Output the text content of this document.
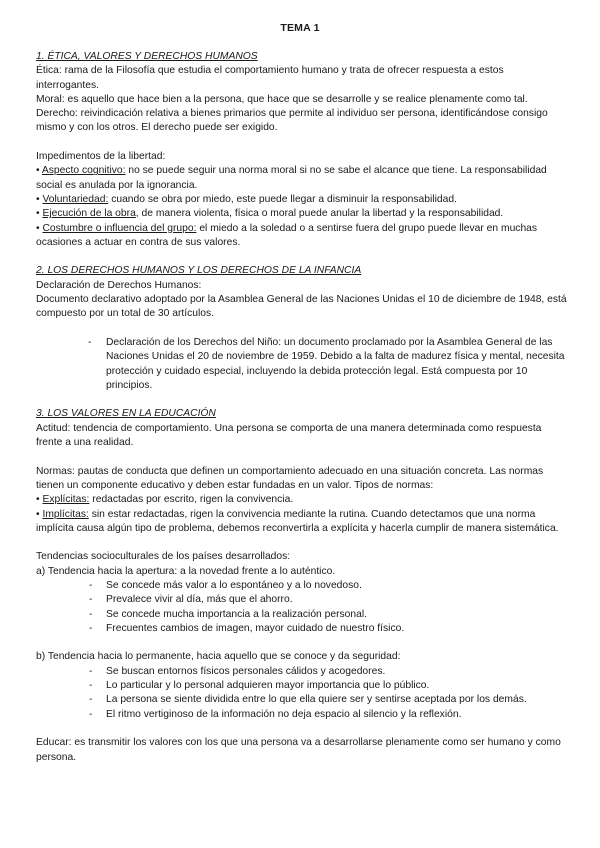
TEMA 1

1. ÉTICA, VALORES Y DERECHOS HUMANOS

Ética: rama de la Filosofía que estudia el comportamiento humano y trata de ofrecer respuesta a estos interrogantes.

Moral: es aquello que hace bien a la persona, que hace que se desarrolle y se realice plenamente como tal.

Derecho: reivindicación relativa a bienes primarios que permite al individuo ser persona, identificándose consigo mismo y con los otros. El derecho puede ser exigido.

Impedimentos de la libertad:

• Aspecto cognitivo: no se puede seguir una norma moral si no se sabe el alcance que tiene. La responsabilidad social es anulada por la ignorancia.

• Voluntariedad: cuando se obra por miedo, este puede llegar a disminuir la responsabilidad.

• Ejecución de la obra, de manera violenta, física o moral puede anular la libertad y la responsabilidad.

• Costumbre o influencia del grupo: el miedo a la soledad o a sentirse fuera del grupo puede llevar en muchas ocasiones a actuar en contra de sus valores.

2. LOS DERECHOS HUMANOS Y LOS DERECHOS DE LA INFANCIA

Declaración de Derechos Humanos:

Documento declarativo adoptado por la Asamblea General de las Naciones Unidas el 10 de diciembre de 1948, está compuesto por un total de 30 artículos.

- Declaración de los Derechos del Niño: un documento proclamado por la Asamblea General de las Naciones Unidas el 20 de noviembre de 1959. Debido a la falta de madurez física y mental, necesita protección y cuidado especial, incluyendo la debida protección legal. Está compuesta por 10 principios.

3. LOS VALORES EN LA EDUCACIÓN

Actitud: tendencia de comportamiento. Una persona se comporta de una manera determinada como respuesta frente a una realidad.

Normas: pautas de conducta que definen un comportamiento adecuado en una situación concreta. Las normas tienen un componente educativo y deben estar fundadas en un valor. Tipos de normas:

• Explícitas: redactadas por escrito, rigen la convivencia.

• Implícitas: sin estar redactadas, rigen la convivencia mediante la rutina. Cuando detectamos que una norma implícita causa algún tipo de problema, debemos reconvertirla a explícita y hacerla cumplir de manera sistemática.

Tendencias socioculturales de los países desarrollados:

a) Tendencia hacia la apertura: a la novedad frente a lo auténtico.

- Se concede más valor a lo espontáneo y a lo novedoso.

- Prevalece vivir al día, más que el ahorro.

- Se concede mucha importancia a la realización personal.

- Frecuentes cambios de imagen, mayor cuidado de nuestro físico.

b) Tendencia hacia lo permanente, hacia aquello que se conoce y da seguridad:

- Se buscan entornos físicos personales cálidos y acogedores.

- Lo particular y lo personal adquieren mayor importancia que lo público.

- La persona se siente dividida entre lo que ella quiere ser y sentirse aceptada por los demás.

- El ritmo vertiginoso de la información no deja espacio al silencio y la reflexión.

Educar: es transmitir los valores con los que una persona va a desarrollarse plenamente como ser humano y como persona.
